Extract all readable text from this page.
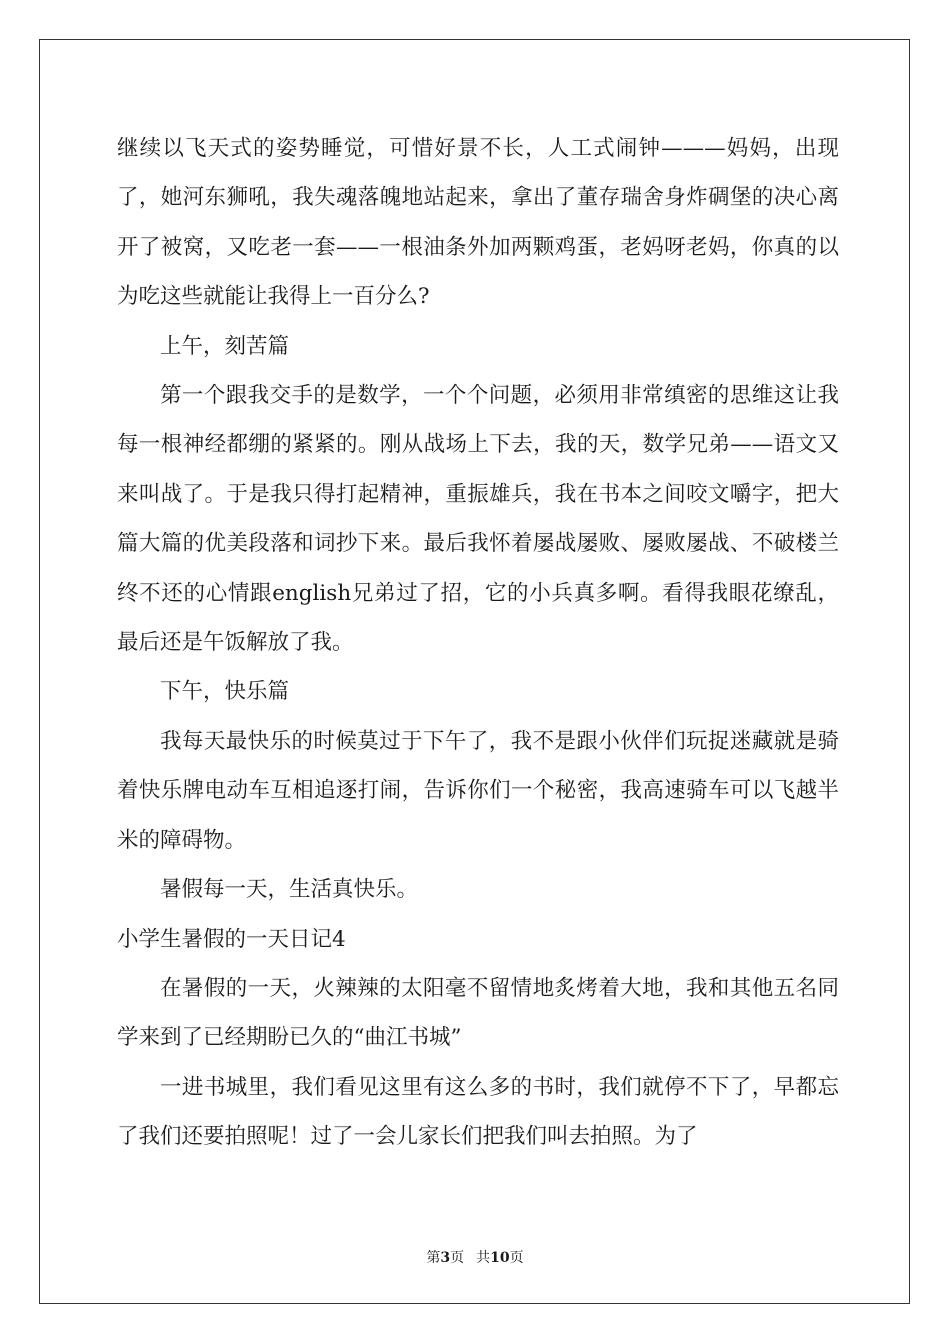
继续以飞天式的姿势睡觉，可惜好景不长，人工式闹钟———妈妈，出现了，她河东狮吼，我失魂落魄地站起来，拿出了董存瑞舍身炸碉堡的决心离开了被窝，又吃老一套——一根油条外加两颗鸡蛋，老妈呀老妈，你真的以为吃这些就能让我得上一百分么?

上午，刻苦篇

第一个跟我交手的是数学，一个个问题，必须用非常缜密的思维这让我每一根神经都绷的紧紧的。刚从战场上下去，我的天，数学兄弟——语文又来叫战了。于是我只得打起精神，重振雄兵，我在书本之间咬文嚼字，把大篇大篇的优美段落和词抄下来。最后我怀着屡战屡败、屡败屡战、不破楼兰终不还的心情跟english兄弟过了招，它的小兵真多啊。看得我眼花缭乱，最后还是午饭解放了我。

下午，快乐篇

我每天最快乐的时候莫过于下午了，我不是跟小伙伴们玩捉迷藏就是骑着快乐牌电动车互相追逐打闹，告诉你们一个秘密，我高速骑车可以飞越半米的障碍物。

暑假每一天，生活真快乐。

小学生暑假的一天日记4

在暑假的一天，火辣辣的太阳毫不留情地炙烤着大地，我和其他五名同学来到了已经期盼已久的“曲江书城”

一进书城里，我们看见这里有这么多的书时，我们就停不下了，早都忘了我们还要拍照呢！过了一会儿家长们把我们叫去拍照。为了

第3页 共10页
